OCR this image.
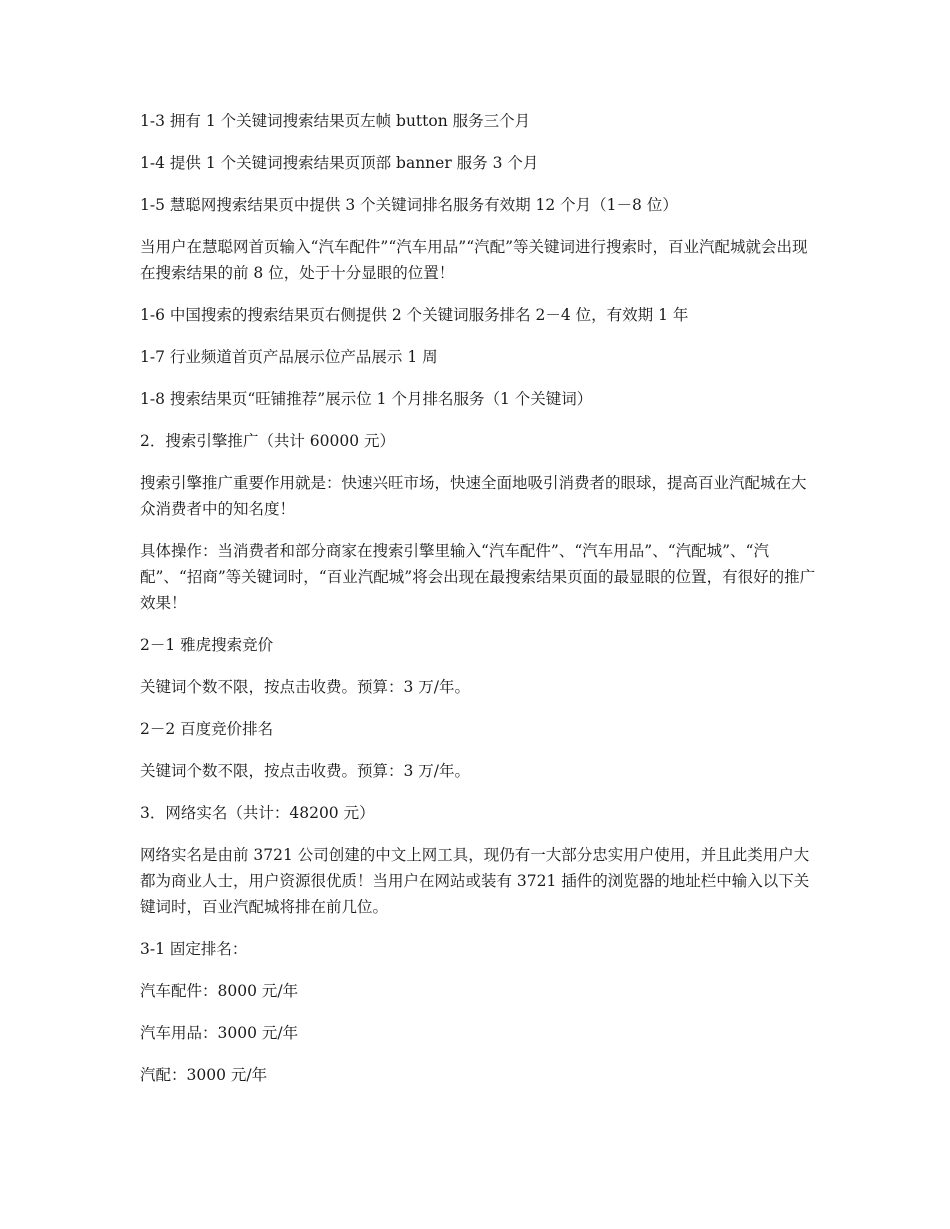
1-3 拥有 1 个关键词搜索结果页左帧 button 服务三个月

1-4 提供 1 个关键词搜索结果页顶部 banner 服务 3 个月

1-5 慧聪网搜索结果页中提供 3 个关键词排名服务有效期 12 个月（1－8 位）

当用户在慧聪网首页输入“汽车配件”“汽车用品”“汽配”等关键词进行搜索时，百业汽配城就会出现在搜索结果的前 8 位，处于十分显眼的位置！

1-6 中国搜索的搜索结果页右侧提供 2 个关键词服务排名 2－4 位，有效期 1 年

1-7 行业频道首页产品展示位产品展示 1 周

1-8 搜索结果页“旺铺推荐”展示位 1 个月排名服务（1 个关键词）

2．搜索引擎推广（共计 60000 元）

搜索引擎推广重要作用就是：快速兴旺市场，快速全面地吸引消费者的眼球，提高百业汽配城在大众消费者中的知名度！

具体操作：当消费者和部分商家在搜索引擎里输入“汽车配件”、“汽车用品”、“汽配城”、“汽配”、“招商”等关键词时，“百业汽配城”将会出现在最搜索结果页面的最显眼的位置，有很好的推广效果！

2－1 雅虎搜索竞价

关键词个数不限，按点击收费。预算：3 万/年。

2－2 百度竞价排名

关键词个数不限，按点击收费。预算：3 万/年。

3．网络实名（共计：48200 元）

网络实名是由前 3721 公司创建的中文上网工具，现仍有一大部分忠实用户使用，并且此类用户大都为商业人士，用户资源很优质！当用户在网站或装有 3721 插件的浏览器的地址栏中输入以下关键词时，百业汽配城将排在前几位。

3-1 固定排名：

汽车配件：8000 元/年

汽车用品：3000 元/年

汽配：3000 元/年
